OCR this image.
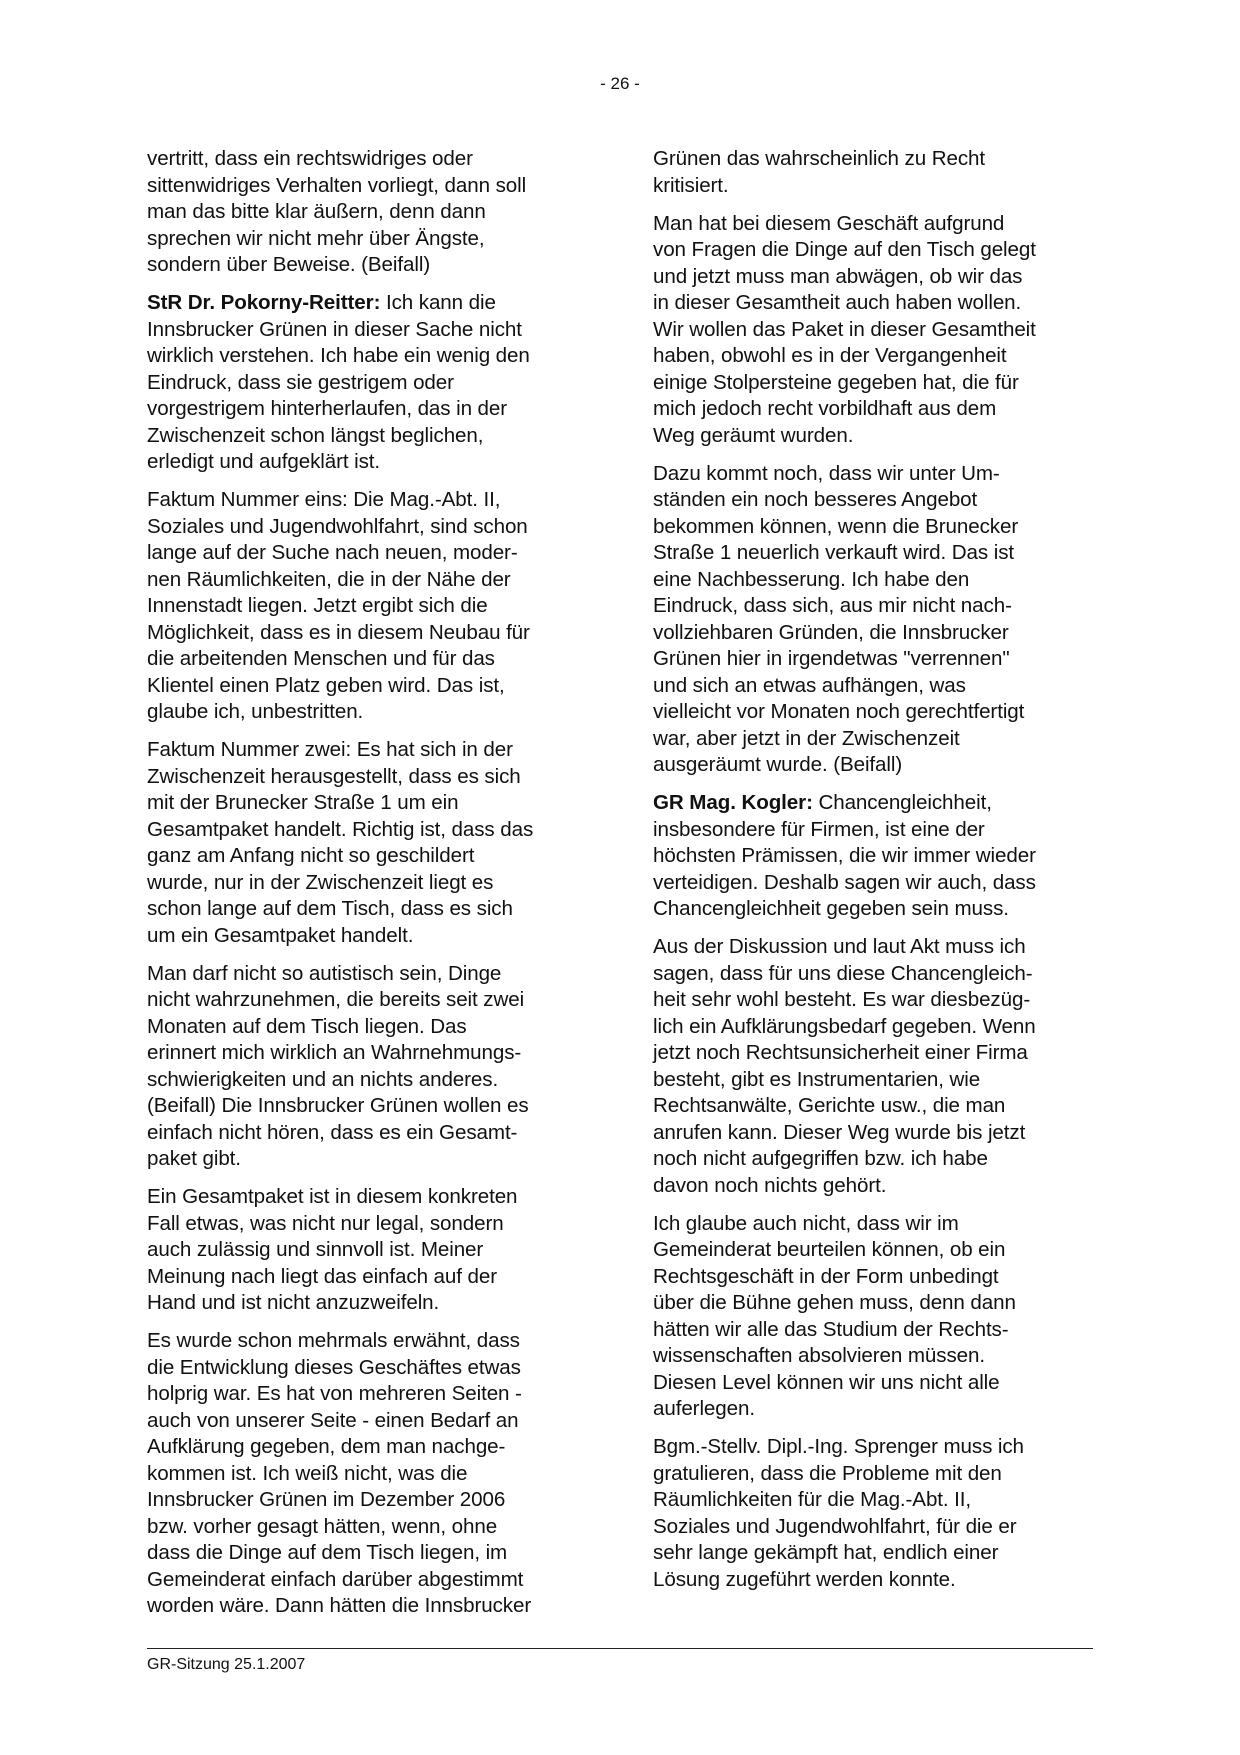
- 26 -

vertritt, dass ein rechtswidriges oder
sittenwidriges Verhalten vorliegt, dann soll
man das bitte klar äußern, denn dann
sprechen wir nicht mehr über Ängste,
sondern über Beweise. (Beifall)

StR Dr. Pokorny-Reitter: Ich kann die
Innsbrucker Grünen in dieser Sache nicht
wirklich verstehen. Ich habe ein wenig den
Eindruck, dass sie gestrigem oder
vorgestrigem hinterherlaufen, das in der
Zwischenzeit schon längst beglichen,
erledigt und aufgeklärt ist.

Faktum Nummer eins: Die Mag.-Abt. II,
Soziales und Jugendwohlfahrt, sind schon
lange auf der Suche nach neuen, moder-
nen Räumlichkeiten, die in der Nähe der
Innenstadt liegen. Jetzt ergibt sich die
Möglichkeit, dass es in diesem Neubau für
die arbeitenden Menschen und für das
Klientel einen Platz geben wird. Das ist,
glaube ich, unbestritten.

Faktum Nummer zwei: Es hat sich in der
Zwischenzeit herausgestellt, dass es sich
mit der Brunecker Straße 1 um ein
Gesamtpaket handelt. Richtig ist, dass das
ganz am Anfang nicht so geschildert
wurde, nur in der Zwischenzeit liegt es
schon lange auf dem Tisch, dass es sich
um ein Gesamtpaket handelt.

Man darf nicht so autistisch sein, Dinge
nicht wahrzunehmen, die bereits seit zwei
Monaten auf dem Tisch liegen. Das
erinnert mich wirklich an Wahrnehmungs-
schwierigkeiten und an nichts anderes.
(Beifall) Die Innsbrucker Grünen wollen es
einfach nicht hören, dass es ein Gesamt-
paket gibt.

Ein Gesamtpaket ist in diesem konkreten
Fall etwas, was nicht nur legal, sondern
auch zulässig und sinnvoll ist. Meiner
Meinung nach liegt das einfach auf der
Hand und ist nicht anzuzweifeln.

Es wurde schon mehrmals erwähnt, dass
die Entwicklung dieses Geschäftes etwas
holprig war. Es hat von mehreren Seiten -
auch von unserer Seite - einen Bedarf an
Aufklärung gegeben, dem man nachge-
kommen ist. Ich weiß nicht, was die
Innsbrucker Grünen im Dezember 2006
bzw. vorher gesagt hätten, wenn, ohne
dass die Dinge auf dem Tisch liegen, im
Gemeinderat einfach darüber abgestimmt
worden wäre. Dann hätten die Innsbrucker

Grünen das wahrscheinlich zu Recht
kritisiert.

Man hat bei diesem Geschäft aufgrund
von Fragen die Dinge auf den Tisch gelegt
und jetzt muss man abwägen, ob wir das
in dieser Gesamtheit auch haben wollen.
Wir wollen das Paket in dieser Gesamtheit
haben, obwohl es in der Vergangenheit
einige Stolpersteine gegeben hat, die für
mich jedoch recht vorbildhaft aus dem
Weg geräumt wurden.

Dazu kommt noch, dass wir unter Um-
ständen ein noch besseres Angebot
bekommen können, wenn die Brunecker
Straße 1 neuerlich verkauft wird. Das ist
eine Nachbesserung. Ich habe den
Eindruck, dass sich, aus mir nicht nach-
vollziehbaren Gründen, die Innsbrucker
Grünen hier in irgendetwas "verrennen"
und sich an etwas aufhängen, was
vielleicht vor Monaten noch gerechtfertigt
war, aber jetzt in der Zwischenzeit
ausgeräumt wurde. (Beifall)

GR Mag. Kogler: Chancengleichheit,
insbesondere für Firmen, ist eine der
höchsten Prämissen, die wir immer wieder
verteidigen. Deshalb sagen wir auch, dass
Chancengleichheit gegeben sein muss.

Aus der Diskussion und laut Akt muss ich
sagen, dass für uns diese Chancengleich-
heit sehr wohl besteht. Es war diesbezüg-
lich ein Aufklärungsbedarf gegeben. Wenn
jetzt noch Rechtsunsicherheit einer Firma
besteht, gibt es Instrumentarien, wie
Rechtsanwälte, Gerichte usw., die man
anrufen kann. Dieser Weg wurde bis jetzt
noch nicht aufgegriffen bzw. ich habe
davon noch nichts gehört.

Ich glaube auch nicht, dass wir im
Gemeinderat beurteilen können, ob ein
Rechtsgeschäft in der Form unbedingt
über die Bühne gehen muss, denn dann
hätten wir alle das Studium der Rechts-
wissenschaften absolvieren müssen.
Diesen Level können wir uns nicht alle
auferlegen.

Bgm.-Stellv. Dipl.-Ing. Sprenger muss ich
gratulieren, dass die Probleme mit den
Räumlichkeiten für die Mag.-Abt. II,
Soziales und Jugendwohlfahrt, für die er
sehr lange gekämpft hat, endlich einer
Lösung zugeführt werden konnte.

GR-Sitzung 25.1.2007
